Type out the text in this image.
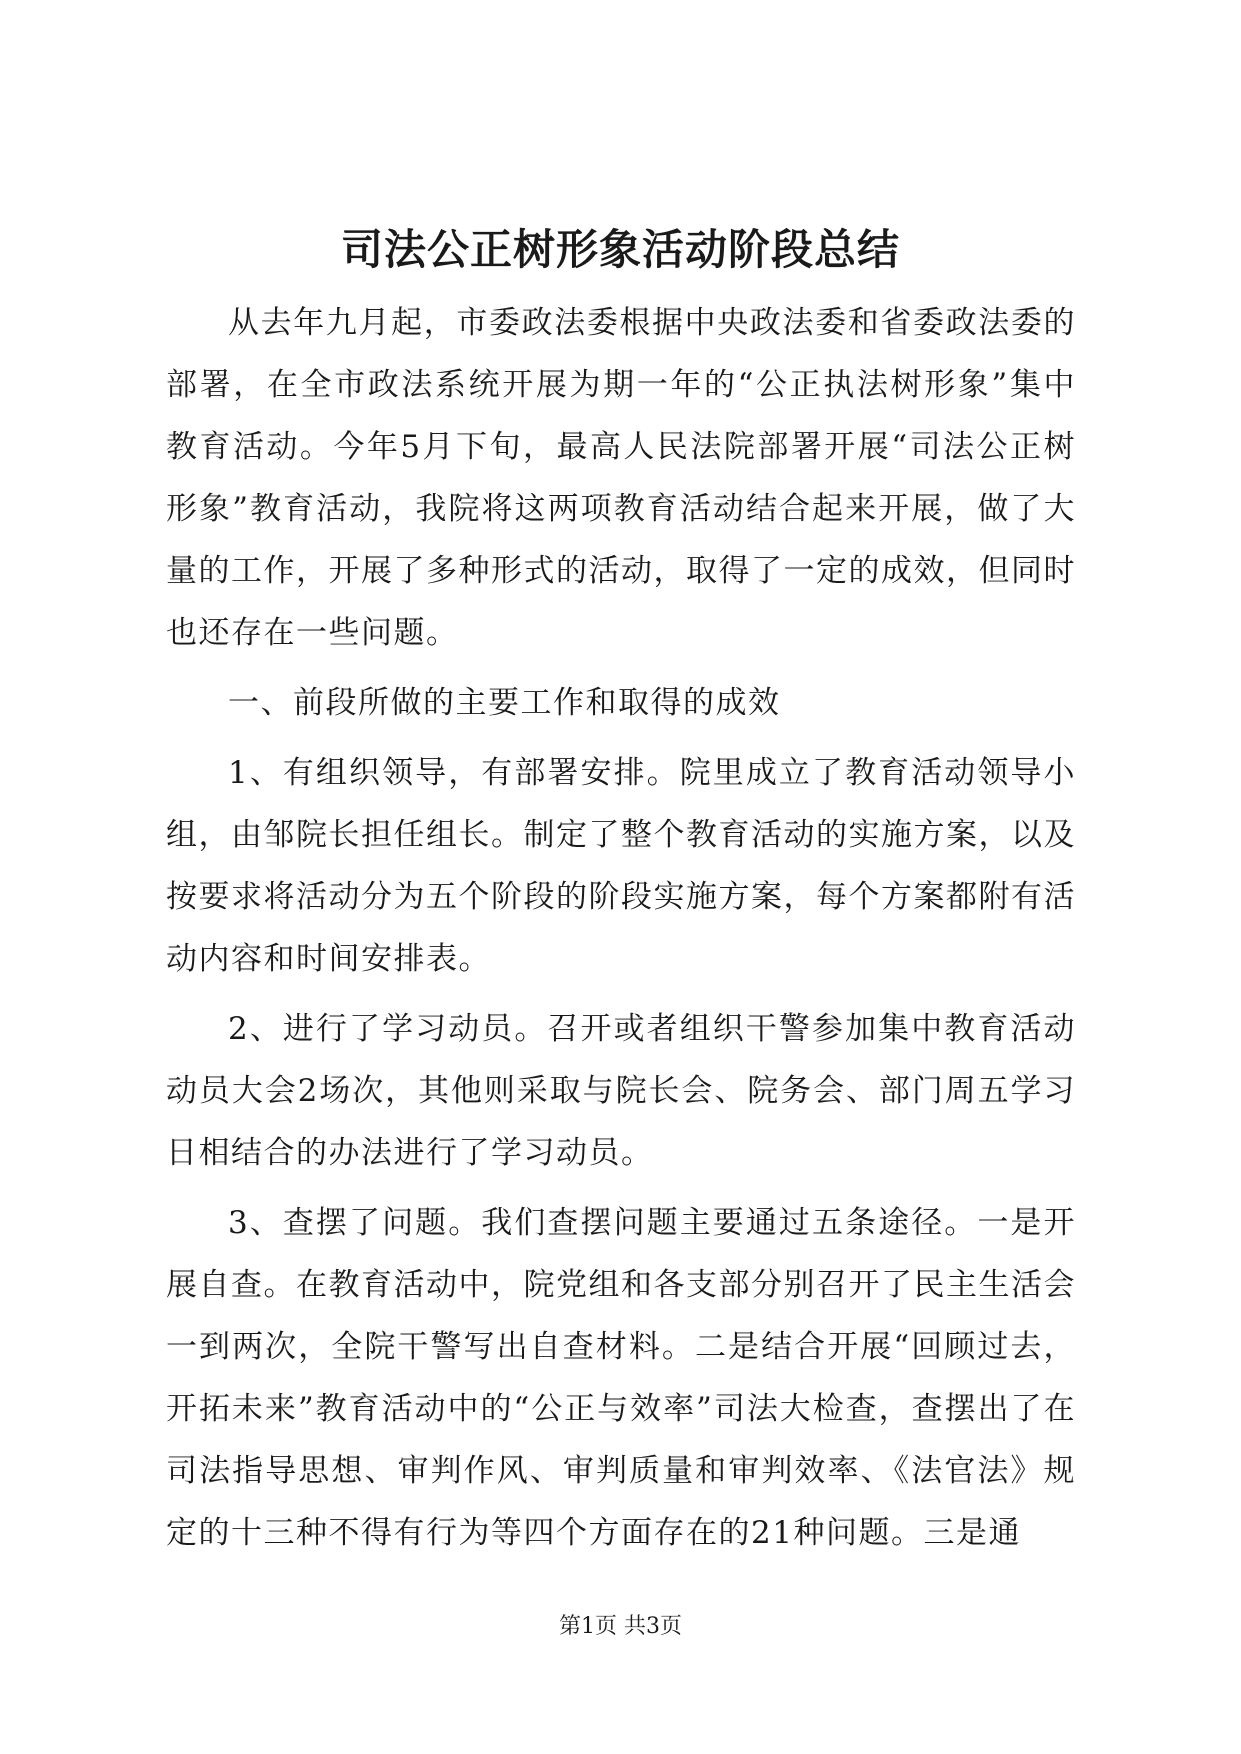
司法公正树形象活动阶段总结

从去年九月起，市委政法委根据中央政法委和省委政法委的部署，在全市政法系统开展为期一年的“公正执法树形象”集中教育活动。今年5月下旬，最高人民法院部署开展“司法公正树形象”教育活动，我院将这两项教育活动结合起来开展，做了大量的工作，开展了多种形式的活动，取得了一定的成效，但同时也还存在一些问题。

一、前段所做的主要工作和取得的成效

1、有组织领导，有部署安排。院里成立了教育活动领导小组，由邹院长担任组长。制定了整个教育活动的实施方案，以及按要求将活动分为五个阶段的阶段实施方案，每个方案都附有活动内容和时间安排表。

2、进行了学习动员。召开或者组织干警参加集中教育活动动员大会2场次，其他则采取与院长会、院务会、部门周五学习日相结合的办法进行了学习动员。

3、查摆了问题。我们查摆问题主要通过五条途径。一是开展自查。在教育活动中，院党组和各支部分别召开了民主生活会一到两次，全院干警写出自查材料。二是结合开展“回顾过去，开拓未来”教育活动中的“公正与效率”司法大检查，查摆出了在司法指导思想、审判作风、审判质量和审判效率、《法官法》规定的十三种不得有行为等四个方面存在的21种问题。三是通

第1页 共3页
